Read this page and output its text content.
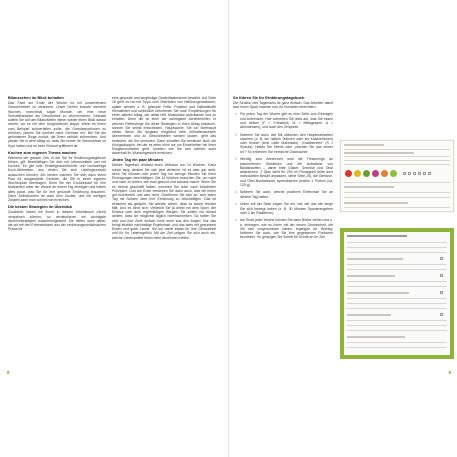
Bilanzsehen im Blick behalten

Das Fazit am Ende der Woche ist mit umwerfenden Gewohnheiten zu verankern. Unser Gehirn braucht mehrere Wochen, manchmal sogar Monate, um eine neue Verhaltensweise als Gewohnheit zu verinnerlichen. Deshalb sollten Sie auf den Bilanzseiten immer wieder einen Blick darauf werfen, wo es mit dem Umgewöhnen klappt. Wenn es Ihnen zum Beispiel schwerfallen sollte, die Gemüseportionen zu erhöhen, planen Sie konkret mehr Gemüse ein. Bei Sie die gefundenen Dinge zurück, die Ihnen wirklich schmecken. Und planen Sie in dem Alltag so, dass Sie immer Ihr Gemüsefach im Kopf haben und es beim Einkauf griffbereit ist.

Kochen zum eigenen Thema machen

Während der ganzen Zeit, in der Sie Ihr Ernährungstagebuch führen, gilt: Beschäftigen Sie sich mit Lebensmitteln und mit Kochen. Es gibt tolle Einsteigerkochbücher und hochwertige Koch-Webseiten, aus denen Sie sich Lieblingsrezepte aussuchen können. Am besten machen Sie sich dazu einen Plan für ausgewählte Gerichte, die Sie in einen eigenen Wochenplan übertragen. Denn Sie der Großeinkauf für Ihre Mahlzeiten unter der Woche an einem Tag erledigen und haben alles parat, was Sie für Ihre gesunde Ernährung brauchen. Denn Selbstkochen ist auch kein Zauber, und mit wenigen Zutaten kann man schnell viel erreichen.

Die besten Strategien im Überblick

Zusätzlich haben wir Ihnen in diesem Arbeitsbuch (nicht) verspeisen können, so verdeutlichen wir wichtigste Abnehmstrategien zusammengestellt. Sie helfen auch dabei, die wir mit den Erkenntnissen aus der ernährungsmedizinischen Praxis für

eine gesunde und langfristige Gewichtsabnahme bewährt. Auf Seite 18 geht es los mit Tipps zum Überlisten von Heißhungerattacken, später werden z. B. gesunde Fette, Proteine und Ballaststoffe thematisiert und schließlich bekommen Sie noch Empfehlungen für einen aktiven Alltag, der dabei hilft, Muskulatur aufzubauen und zu erhalten. Denn die ist einer der wichtigsten Abnehmhelfer. In welcher Reihenfolge Sie diese Strategien in Ihren Alltag einbauen, können Sie selbst entscheiden. Hauptsache, Sie tun überhaupt etwas. Wenn Sie langsam möglichst viele Verhaltensweisen übernehmen und zu Gewohnheiten werden lassen, geht das einfacher, als Sie vermuten. Dann schaffen Sie bestimmt auch die Königsdisziplin, bei der es eben nicht nur um Einzelheiten bei ihren Essgewohnheiten geht, sondern wie Sie sich wirklich auch dauerhaft Ihr Wunschgewicht erreichen.

Jeden Tag ein paar Minuten

Dieses Tagebuch umfasst einen Zeitraum von 14 Wochen. Ganz schön lang, denken Sie sich jetzt vielleicht. Ist es aber gar nicht, denn Sie müssen sich jeden Tag nur wenige Minuten mit Ihren Eintragungen beschäftigen. Die 14 Wochen brauchen Sie, um nach und nach zu lernen, wie man gesund und schlank macht. Wenn Sie es einmal geschafft haben, kommen Sie auch nach bewährten Prinzipien. Und am Ende verstehen Sie dann auch, was bei Ihnen gut funktioniert und was nicht. Gewöhnen Sie sich an, sich jeden Tag mit Notizen über Ihre Ernährung zu beschäftigen. Das ist einfacher als gedacht. Sie werden sehen, dass es immer leichter fällt. Und es lohnt sich: Vielleicht Sie ja direkt mit dem Sport, der Einkauf oder dem regelmäßigen Wiegen. Sie sollten nur darauf achten, dass sie möglichst täglich hineinschreiben. So halten Sie sich und Ihre Ziele einfach nicht mehr aus den Augen. Nur das bringt letztlich nachhaltige Ergebnisse, und das stets mit gesundem Essen und guter Laune. Sie tun damit etwas für Ihre Gesundheit und für Ihr Lebensgefühl. Mit der Zeit prägen Sie sich auch ein, welche Lebensmittel Ihnen beim Abnehmen helfen.

8
So führen Sie Ihr Ernährungstagebuch

Die Struktur des Tagebuchs ist ganz einfach. Das Arbeiten damit wird Ihnen Spaß machen und Ihr Vorhaben erleichtern.

• Für jeden Tag der Woche gibt es eine Seite zum Eintragen und Ankreuzen. Hier schreiben Sie alles auf, was Sie essen und trinken (F = Frühstück, M = Mittagessen, A = Abendessen), und auch den Zeitpunkt.
• Notieren Sie auch, wie Sie zwischen den Hauptmahlzeiten naschen (z. B. ein halbes Teilchen oder ein Käsebrötchen) oder trinken (eine Latte Macchiato). „Knabbereien“ (S = Snacks). Halten Sie Stress oder „machen Sie das immer so“? So erkennen Sie heimliche Dickmacher.
• Wichtig zum Abnehmen sind die Trinkmenge an kalorienfreien Getränken und die Aufnahme von Ballaststoffen – daher bitte Gläser, Gemüse und Obst abstreichen. 1 Glas steht für 250 ml Flüssigkeit (bitte dem individuellen Bedarf anpassen, siehe Seite 25), die Gemüse- und Obst-Illustrationen symbolisieren jeweils 1 Portion (ca. 125 g).
• Notieren Sie auch, welche positiven Erlebnisse Sie an diesem Tag hatten.
• Unten auf der Seite tragen Sie ein, wie viel und wie lange Sie sich bewegt haben (z. B. 30 Minuten Spazierengehen oder 2 km Radfahren).
• Am Ende jeder Woche können Sie dann Bilanz ziehen und u. a. eintragen, wie es Ihnen mit der neuen Gewohnheit, die Sie sich vorgenommen haben, ergangen ist. Wichtig: Notieren Sie auch, wie Sie Ihre gegessenen Portionen beurteilen. So gelangen Sie Schritt für Schritt an Ihr Ziel.
9
